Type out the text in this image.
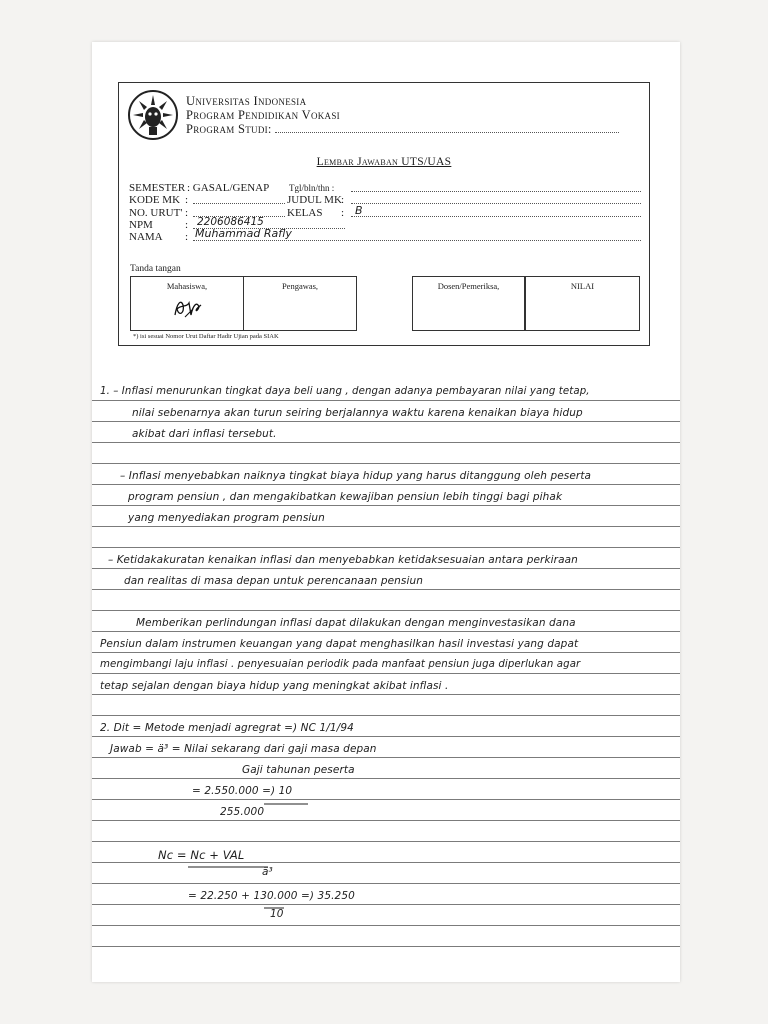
Universitas Indonesia
Program Pendidikan Vokasi
Program Studi:
Lembar Jawaban UTS/UAS
SEMESTER : GASAL/GENAP Tgl/bln/thn :
KODE MK :	JUDUL MK :
NO. URUT' :	KELAS : B
NPM	: 2206086415
NAMA	: Muhammad Rafly
Tanda tangan
Mahasiswa,	Pengawas,	Dosen/Pemeriksa,	NILAI
*) isi sesuai Nomor Urut Daftar Hadir Ujian pada SIAK
1. – Inflasi menurunkan tingkat daya beli uang , dengan adanya pembayaran nilai yang tetap,
nilai sebenarnya akan turun seiring berjalannya waktu karena kenaikan biaya hidup
akibat dari inflasi tersebut.
– Inflasi menyebabkan naiknya tingkat biaya hidup yang harus ditanggung oleh peserta
program pensiun , dan mengakibatkan kewajiban pensiun lebih tinggi bagi pihak
yang menyediakan program pensiun
– Ketidakakuratan kenaikan inflasi dan menyebabkan ketidaksesuaian antara perkiraan
dan realitas di masa depan untuk perencanaan pensiun
Memberikan perlindungan inflasi dapat dilakukan dengan menginvestasikan dana
Pensiun dalam instrumen keuangan yang dapat menghasilkan hasil investasi yang dapat
mengimbangi laju inflasi . penyesuaian periodik pada manfaat pensiun juga diperlukan agar
tetap sejalan dengan biaya hidup yang meningkat akibat inflasi .
2. Dit = Metode menjadi agregrat =) NC 1/1/94
Jawab = ä³ = Nilai sekarang dari gaji masa depan
Gaji tahunan peserta
= 2.550.000 =) 10
255.000
Nc = Nc + VAL
ä³
= 22.250 + 130.000 =) 35.250
10
